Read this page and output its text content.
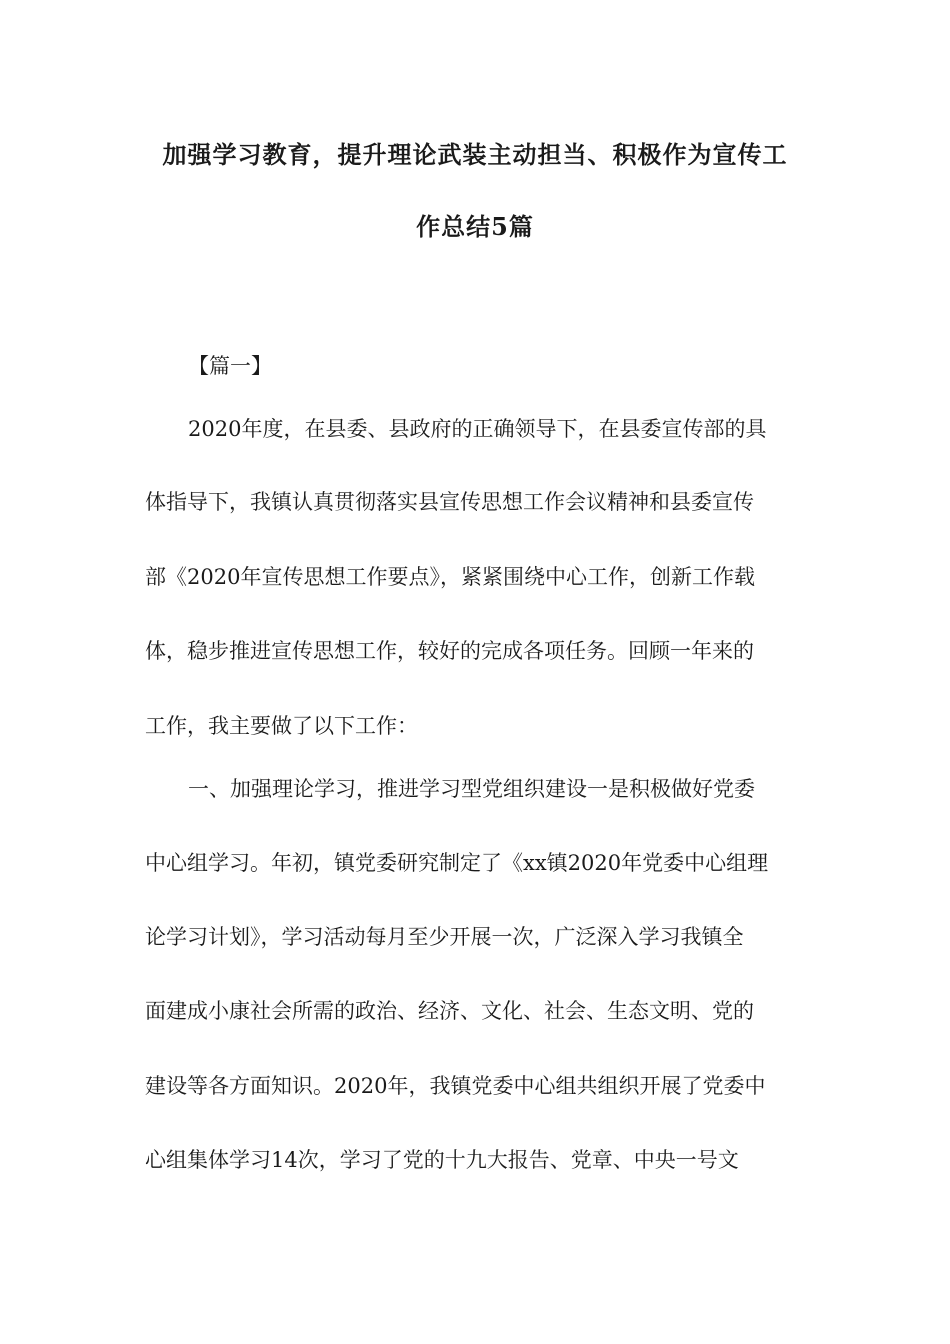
加强学习教育，提升理论武装主动担当、积极作为宣传工
作总结5篇

【篇一】

2020年度，在县委、县政府的正确领导下，在县委宣传部的具

体指导下，我镇认真贯彻落实县宣传思想工作会议精神和县委宣传

部《2020年宣传思想工作要点》，紧紧围绕中心工作，创新工作载

体，稳步推进宣传思想工作，较好的完成各项任务。回顾一年来的

工作，我主要做了以下工作：

一、加强理论学习，推进学习型党组织建设一是积极做好党委

中心组学习。年初，镇党委研究制定了《xx镇2020年党委中心组理

论学习计划》，学习活动每月至少开展一次，广泛深入学习我镇全

面建成小康社会所需的政治、经济、文化、社会、生态文明、党的

建设等各方面知识。2020年，我镇党委中心组共组织开展了党委中

心组集体学习14次，学习了党的十九大报告、党章、中央一号文
